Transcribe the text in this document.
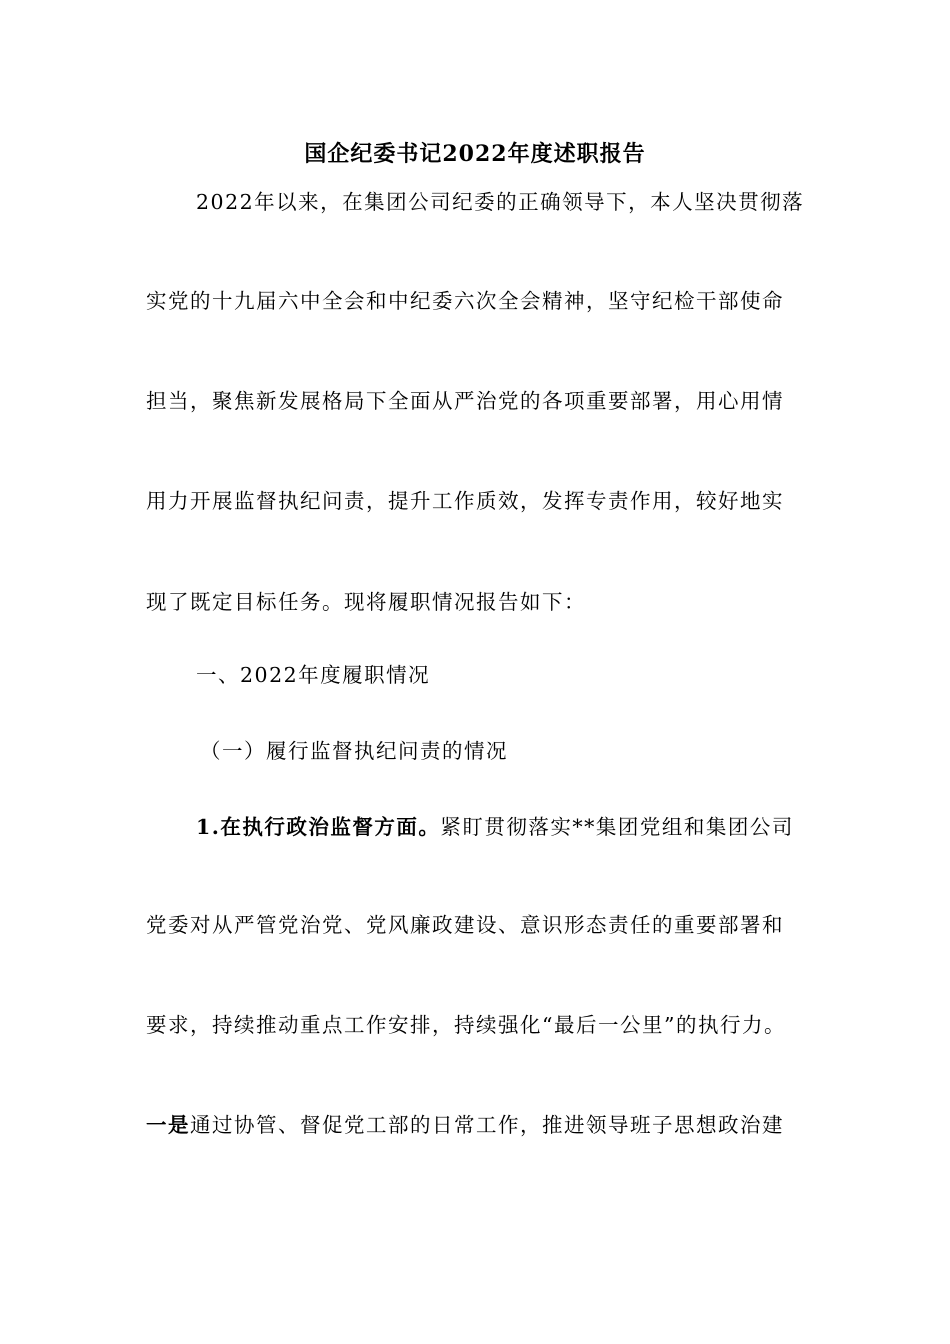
国企纪委书记2022年度述职报告
2022年以来，在集团公司纪委的正确领导下，本人坚决贯彻落
实党的十九届六中全会和中纪委六次全会精神，坚守纪检干部使命
担当，聚焦新发展格局下全面从严治党的各项重要部署，用心用情
用力开展监督执纪问责，提升工作质效，发挥专责作用，较好地实
现了既定目标任务。现将履职情况报告如下：
一、2022年度履职情况
（一）履行监督执纪问责的情况
1.在执行政治监督方面。紧盯贯彻落实**集团党组和集团公司
党委对从严管党治党、党风廉政建设、意识形态责任的重要部署和
要求，持续推动重点工作安排，持续强化“最后一公里”的执行力。
一是通过协管、督促党工部的日常工作，推进领导班子思想政治建
